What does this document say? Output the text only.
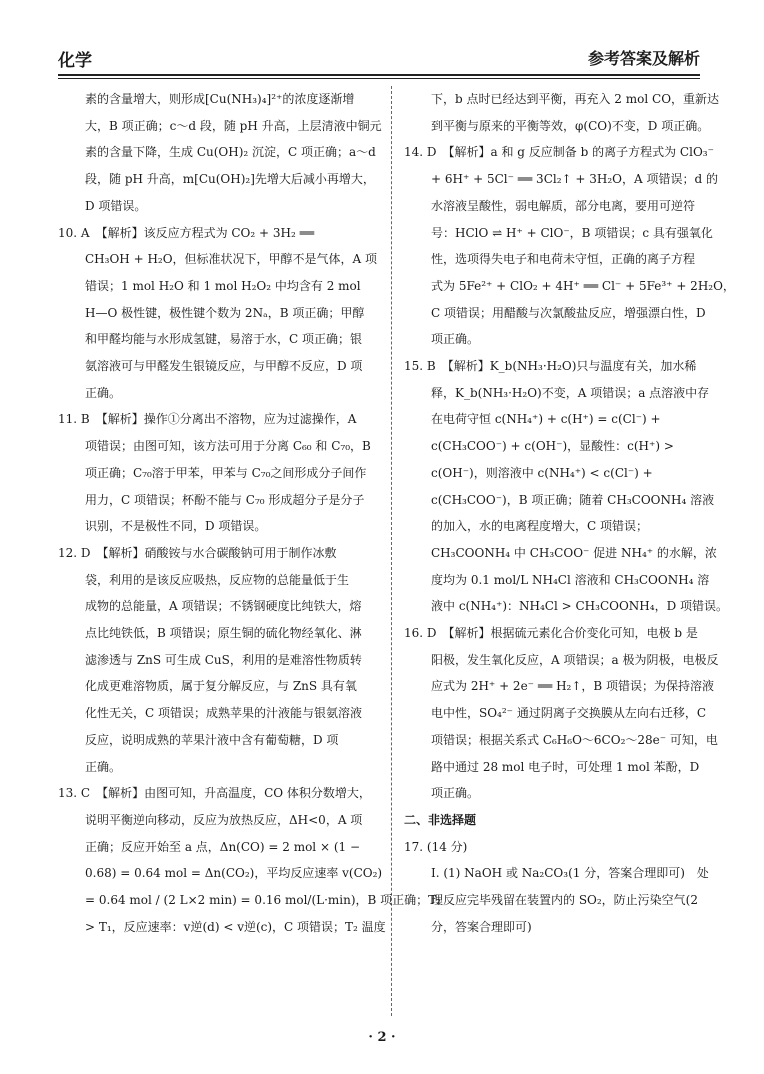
化学	参考答案及解析
素的含量增大，则形成[Cu(NH₃)₄]²⁺的浓度逐渐增
大，B 项正确；c～d 段，随 pH 升高，上层清液中铜元
素的含量下降，生成 Cu(OH)₂ 沉淀，C 项正确；a～d
段，随 pH 升高，m[Cu(OH)₂]先增大后减小再增大，
D 项错误。
10. A　【解析】该反应方程式为 CO₂ + 3H₂ ══
CH₃OH + H₂O，但标准状况下，甲醇不是气体，A 项
错误；1 mol H₂O 和 1 mol H₂O₂ 中均含有 2 mol
H—O 极性键，极性键个数为 2Nₐ，B 项正确；甲醇
和甲醛均能与水形成氢键，易溶于水，C 项正确；银
氨溶液可与甲醛发生银镜反应，与甲醇不反应，D 项
正确。
11. B　【解析】操作①分离出不溶物，应为过滤操作，A
项错误；由图可知，该方法可用于分离 C₆₀ 和 C₇₀，B
项正确；C₇₀溶于甲苯，甲苯与 C₇₀之间形成分子间作
用力，C 项错误；杯酚不能与 C₇₀ 形成超分子是分子
识别，不是极性不同，D 项错误。
12. D　【解析】硝酸铵与水合碳酸钠可用于制作冰敷
袋，利用的是该反应吸热，反应物的总能量低于生
成物的总能量，A 项错误；不锈钢硬度比纯铁大，熔
点比纯铁低，B 项错误；原生铜的硫化物经氧化、淋
滤渗透与 ZnS 可生成 CuS，利用的是难溶性物质转
化成更难溶物质，属于复分解反应，与 ZnS 具有氧
化性无关，C 项错误；成熟苹果的汁液能与银氨溶液
反应，说明成熟的苹果汁液中含有葡萄糖，D 项
正确。
13. C　【解析】由图可知，升高温度，CO 体积分数增大，
说明平衡逆向移动，反应为放热反应，ΔH<0，A 项
正确；反应开始至 a 点，Δn(CO) = 2 mol × (1 −
0.68) = 0.64 mol = Δn(CO₂)，平均反应速率 v(CO₂)
= 0.64 mol / (2 L×2 min) = 0.16 mol/(L·min)，B 项正确；T₂
> T₁，反应速率：v逆(d) < v逆(c)，C 项错误；T₂ 温度
下，b 点时已经达到平衡，再充入 2 mol CO，重新达
到平衡与原来的平衡等效，φ(CO)不变，D 项正确。
14. D　【解析】a 和 g 反应制备 b 的离子方程式为 ClO₃⁻
+ 6H⁺ + 5Cl⁻ ══ 3Cl₂↑ + 3H₂O，A 项错误；d 的
水溶液呈酸性，弱电解质，部分电离，要用可逆符
号：HClO ⇌ H⁺ + ClO⁻，B 项错误；c 具有强氧化
性，选项得失电子和电荷未守恒，正确的离子方程
式为 5Fe²⁺ + ClO₂ + 4H⁺ ══ Cl⁻ + 5Fe³⁺ + 2H₂O，
C 项错误；用醋酸与次氯酸盐反应，增强漂白性，D
项正确。
15. B　【解析】K_b(NH₃·H₂O)只与温度有关，加水稀
释，K_b(NH₃·H₂O)不变，A 项错误；a 点溶液中存
在电荷守恒 c(NH₄⁺) + c(H⁺) = c(Cl⁻) +
c(CH₃COO⁻) + c(OH⁻)，显酸性：c(H⁺) >
c(OH⁻)，则溶液中 c(NH₄⁺) < c(Cl⁻) +
c(CH₃COO⁻)，B 项正确；随着 CH₃COONH₄ 溶液
的加入，水的电离程度增大，C 项错误；
CH₃COONH₄ 中 CH₃COO⁻ 促进 NH₄⁺ 的水解，浓
度均为 0.1 mol/L NH₄Cl 溶液和 CH₃COONH₄ 溶
液中 c(NH₄⁺)：NH₄Cl > CH₃COONH₄，D 项错误。
16. D　【解析】根据硫元素化合价变化可知，电极 b 是
阳极，发生氧化反应，A 项错误；a 极为阴极，电极反
应式为 2H⁺ + 2e⁻ ══ H₂↑，B 项错误；为保持溶液
电中性，SO₄²⁻ 通过阴离子交换膜从左向右迁移，C
项错误；根据关系式 C₆H₆O～6CO₂～28e⁻ 可知，电
路中通过 28 mol 电子时，可处理 1 mol 苯酚，D
项正确。
二、非选择题
17. (14 分)
Ⅰ. (1) NaOH 或 Na₂CO₃(1 分，答案合理即可)　处
理反应完毕残留在装置内的 SO₂，防止污染空气(2
分，答案合理即可)
· 2 ·
